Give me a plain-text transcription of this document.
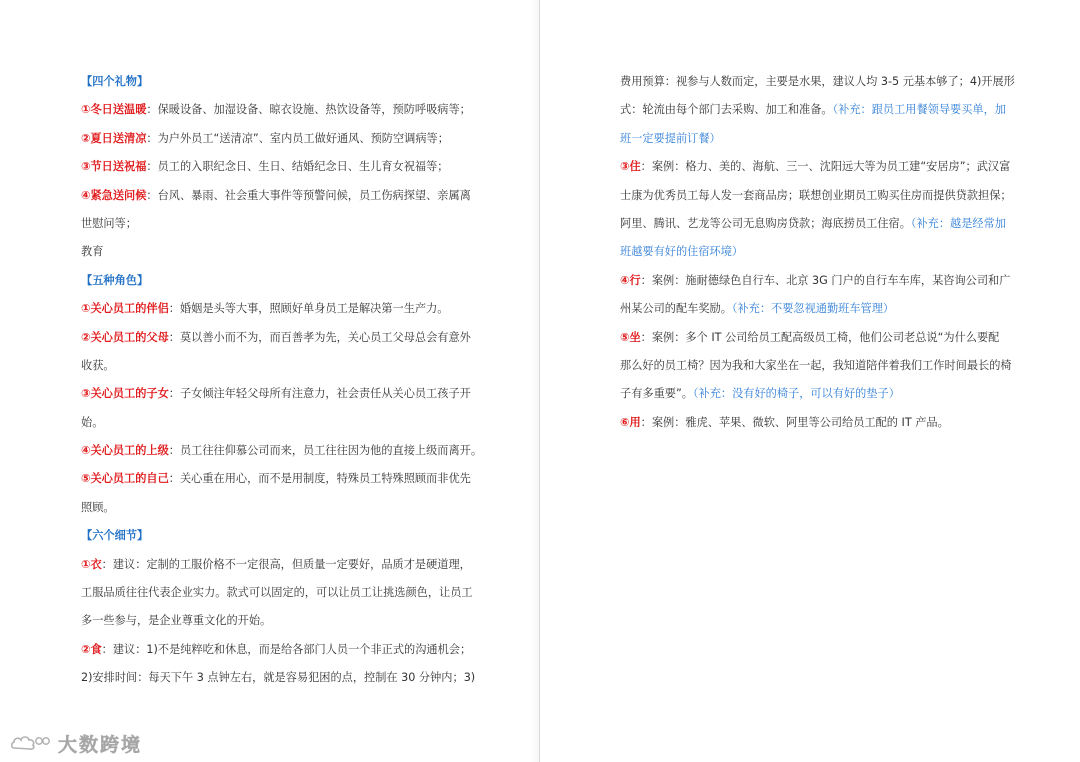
【四个礼物】
①冬日送温暖：保暖设备、加湿设备、晾衣设施、热饮设备等，预防呼吸病等；
②夏日送清凉：为户外员工“送清凉”、室内员工做好通风、预防空调病等；
③节日送祝福：员工的入职纪念日、生日、结婚纪念日、生儿育女祝福等；
④紧急送问候：台风、暴雨、社会重大事件等预警问候，员工伤病探望、亲属离
世慰问等；
教育
【五种角色】
①关心员工的伴侣：婚姻是头等大事，照顾好单身员工是解决第一生产力。
②关心员工的父母：莫以善小而不为，而百善孝为先，关心员工父母总会有意外
收获。
③关心员工的子女：子女倾注年轻父母所有注意力，社会责任从关心员工孩子开
始。
④关心员工的上级：员工往往仰慕公司而来，员工往往因为他的直接上级而离开。
⑤关心员工的自己：关心重在用心，而不是用制度，特殊员工特殊照顾而非优先
照顾。
【六个细节】
①衣：建议：定制的工服价格不一定很高，但质量一定要好，品质才是硬道理，
工服品质往往代表企业实力。款式可以固定的，可以让员工让挑选颜色，让员工
多一些参与，是企业尊重文化的开始。
②食：建议：1)不是纯粹吃和休息，而是给各部门人员一个非正式的沟通机会；
2)安排时间：每天下午 3 点钟左右，就是容易犯困的点，控制在 30 分钟内；3)
费用预算：视参与人数而定，主要是水果，建议人均 3-5 元基本够了；4)开展形
式：轮流由每个部门去采购、加工和准备。（补充：跟员工用餐领导要买单，加
班一定要提前订餐）
③住：案例：格力、美的、海航、三一、沈阳远大等为员工建“安居房”；武汉富
士康为优秀员工每人发一套商品房；联想创业期员工购买住房而提供贷款担保；
阿里、腾讯、艺龙等公司无息购房贷款；海底捞员工住宿。（补充：越是经常加
班越要有好的住宿环境）
④行：案例：施耐德绿色自行车、北京 3G 门户的自行车车库，某咨询公司和广
州某公司的配车奖励。（补充：不要忽视通勤班车管理）
⑤坐：案例：多个 IT 公司给员工配高级员工椅，他们公司老总说“为什么要配
那么好的员工椅？因为我和大家坐在一起，我知道陪伴着我们工作时间最长的椅
子有多重要”。（补充：没有好的椅子，可以有好的垫子）
⑥用：案例：雅虎、苹果、微软、阿里等公司给员工配的 IT 产品。
大数跨境
